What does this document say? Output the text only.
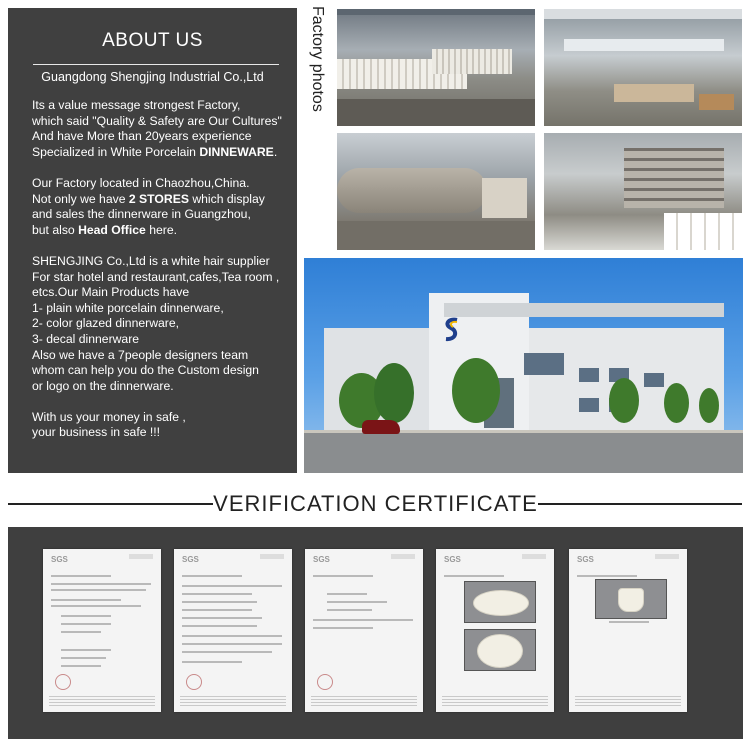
ABOUT US
Guangdong Shengjing Industrial Co.,Ltd
Its a value message strongest Factory,
which said "Quality & Safety are Our Cultures"
And have More than 20years experience
Specialized in White Porcelain DINNEWARE.
Our Factory located in Chaozhou,China.
Not only we have 2 STORES which display
and sales the dinnerware in Guangzhou,
but also Head Office here.
SHENGJING Co.,Ltd is a white hair supplier
For star hotel and restaurant,cafes,Tea room ,
etcs.Our Main Products have
1- plain white porcelain dinnerware,
2- color glazed dinnerware,
3- decal dinnerware
Also we have a 7people designers team
whom can help you do the Custom design
or logo on the dinnerware.
With us your money in safe ,
your business in safe !!!
Factory photos
VERIFICATION CERTIFICATE
SGS	SGS	SGS	SGS	SGS
